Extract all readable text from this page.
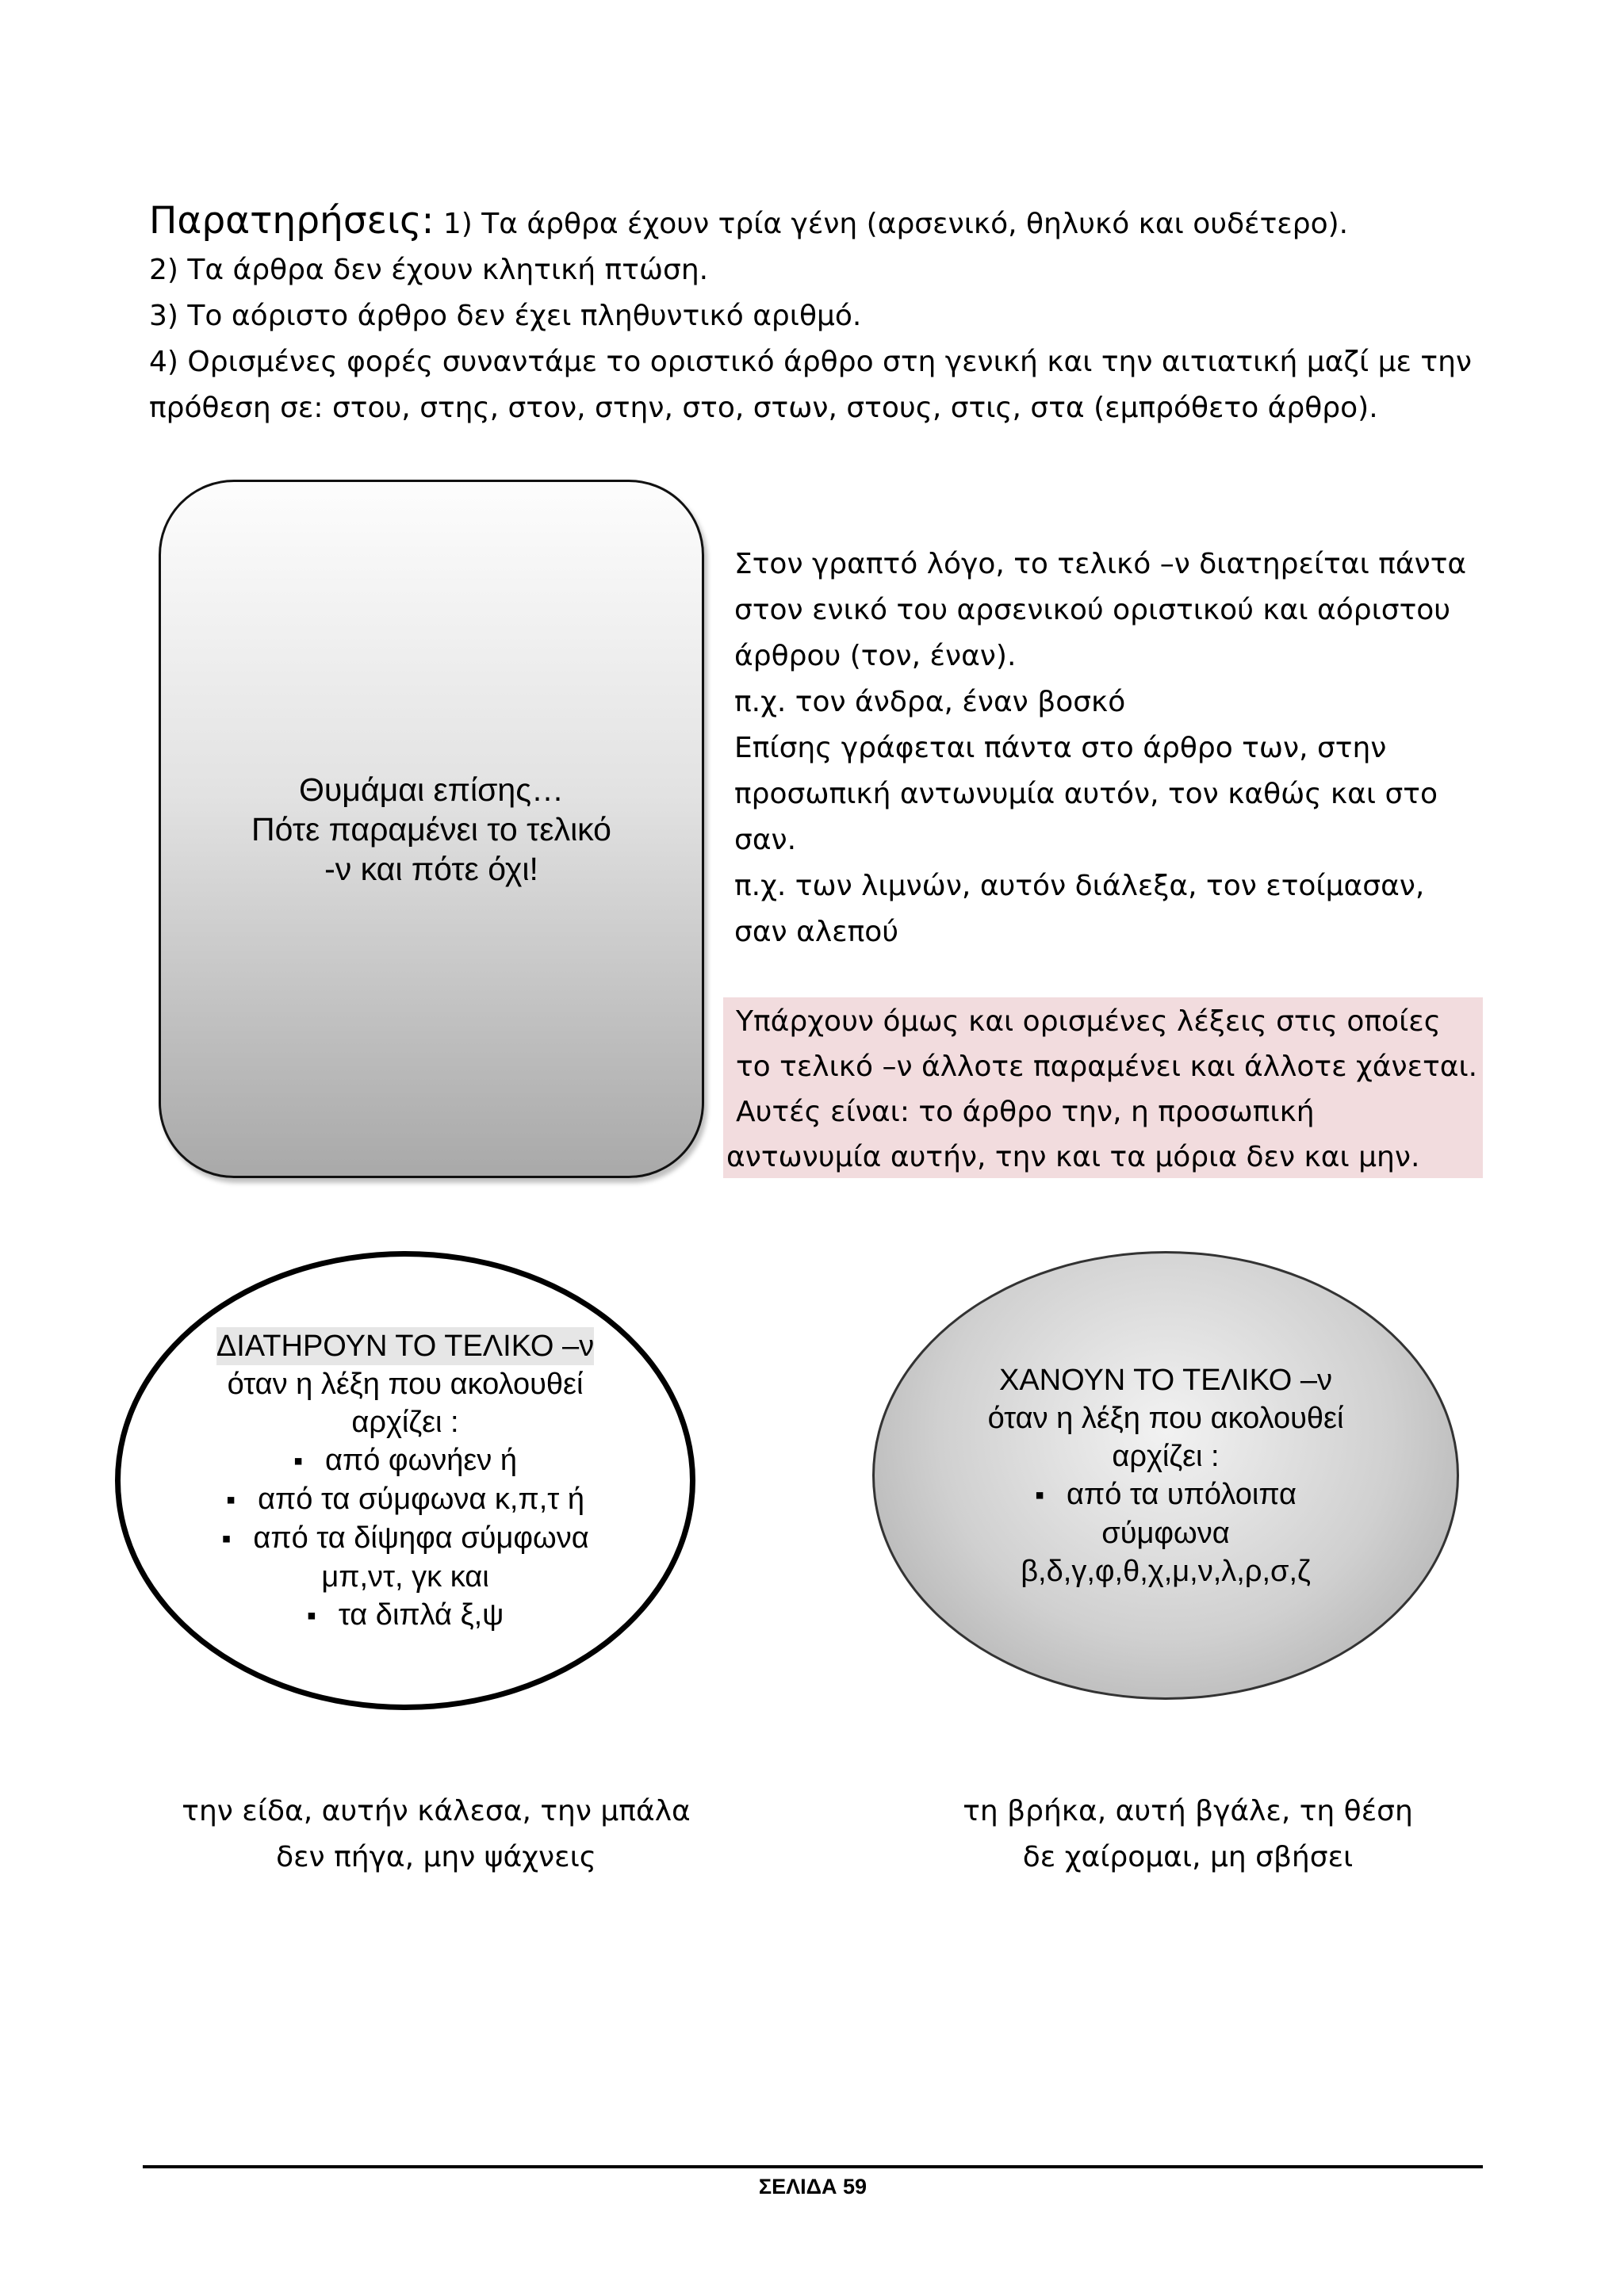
Παρατηρήσεις: 1) Τα άρθρα έχουν τρία γένη (αρσενικό, θηλυκό και ουδέτερο).

2) Τα άρθρα δεν έχουν κλητική πτώση.

3) Το αόριστο άρθρο δεν έχει πληθυντικό αριθμό.

4) Ορισμένες φορές συναντάμε το οριστικό άρθρο στη γενική και την αιτιατική μαζί με την

πρόθεση σε: στου, στης, στον, στην, στο, στων, στους, στις, στα (εμπρόθετο άρθρο).

Θυμάμαι επίσης…
Πότε παραμένει το τελικό
-ν και πότε όχι!

Στον γραπτό λόγο, το τελικό –ν διατηρείται πάντα

στον ενικό του αρσενικού οριστικού και αόριστου

άρθρου (τον, έναν).

π.χ. τον άνδρα, έναν βοσκό

Επίσης γράφεται πάντα στο άρθρο των, στην

προσωπική αντωνυμία αυτόν, τον καθώς και στο

σαν.

π.χ. των λιμνών, αυτόν διάλεξα, τον ετοίμασαν,

σαν αλεπού

Υπάρχουν όμως και ορισμένες λέξεις στις οποίες

το τελικό –ν άλλοτε παραμένει και άλλοτε χάνεται.

Αυτές είναι: το άρθρο την, η προσωπική

αντωνυμία αυτήν, την και τα μόρια δεν και μην.

ΔΙΑΤΗΡΟΥΝ ΤΟ ΤΕΛΙΚΟ –ν
όταν η λέξη που ακολουθεί
αρχίζει :
▪ από φωνήεν ή
▪ από τα σύμφωνα κ,π,τ ή
▪ από τα δίψηφα σύμφωνα
μπ,ντ, γκ και
▪ τα διπλά ξ,ψ
ΧΑΝΟΥΝ ΤΟ ΤΕΛΙΚΟ –ν
όταν η λέξη που ακολουθεί
αρχίζει :
▪ από τα υπόλοιπα
σύμφωνα
β,δ,γ,φ,θ,χ,μ,ν,λ,ρ,σ,ζ

την είδα, αυτήν κάλεσα, την μπάλα

δεν πήγα, μην ψάχνεις

τη βρήκα, αυτή βγάλε, τη θέση

δε χαίρομαι, μη σβήσει

ΣΕΛΙΔΑ 59
